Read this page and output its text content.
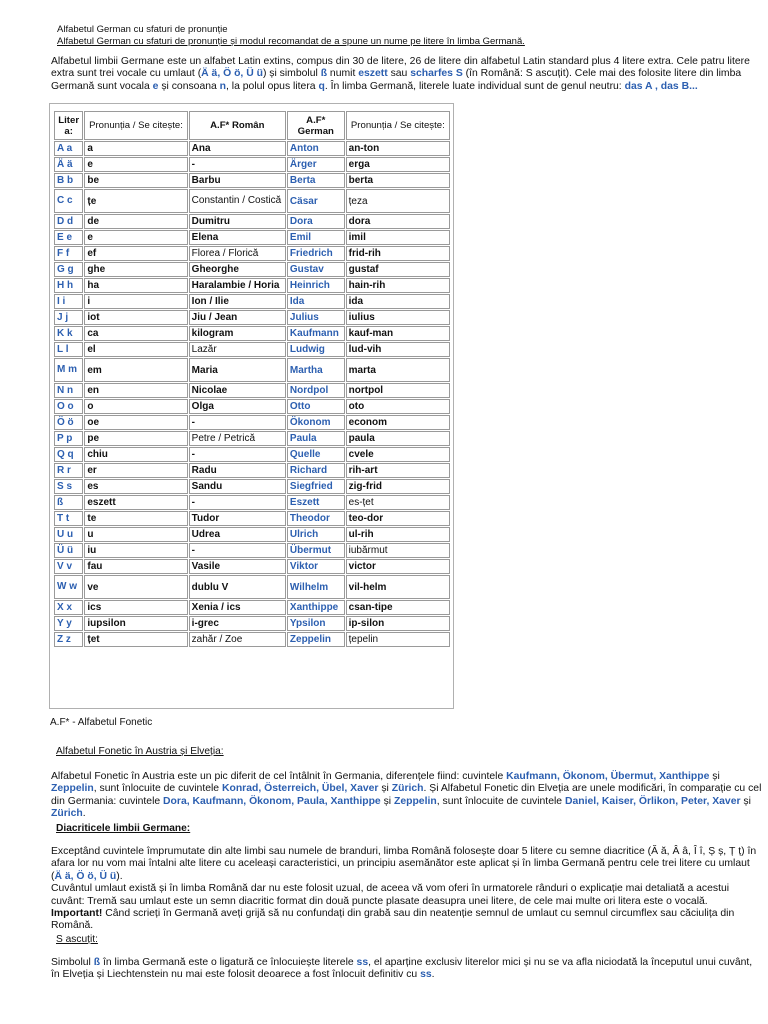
Alfabetul German cu sfaturi de pronunție
Alfabetul German cu sfaturi de pronunție și modul recomandat de a spune un nume pe litere în limba Germană.
Alfabetul limbii Germane este un alfabet Latin extins, compus din 30 de litere, 26 de litere din alfabetul Latin standard plus 4 litere extra. Cele patru litere extra sunt trei vocale cu umlaut (Ä ä, Ö ö, Ü ü) și simbolul ß numit eszett sau scharfes S (în Română: S ascuțit). Cele mai des folosite litere din limba Germană sunt vocala e și consoana n, la polul opus litera q. În limba Germană, literele luate individual sunt de genul neutru: das A , das B...
Liter a:	Pronunția / Se citește:	A.F* Român	A.F* German	Pronunția / Se citește:
A a	a	Ana	Anton	an-ton
Ä ä	e	-	Ärger	erga
B b	be	Barbu	Berta	berta
C c	țe	Constantin / Costică	Cäsar	țeza
D d	de	Dumitru	Dora	dora
E e	e	Elena	Emil	imil
F f	ef	Florea / Florică	Friedrich	frid-rih
G g	ghe	Gheorghe	Gustav	gustaf
H h	ha	Haralambie / Horia	Heinrich	hain-rih
I i	i	Ion / Ilie	Ida	ida
J j	iot	Jiu / Jean	Julius	iulius
K k	ca	kilogram	Kaufmann	kauf-man
L l	el	Lazăr	Ludwig	lud-vih
M m	em	Maria	Martha	marta
N n	en	Nicolae	Nordpol	nortpol
O o	o	Olga	Otto	oto
Ö ö	oe	-	Ökonom	econom
P p	pe	Petre / Petrică	Paula	paula
Q q	chiu	-	Quelle	cvele
R r	er	Radu	Richard	rih-art
S s	es	Sandu	Siegfried	zig-frid
ß	eszett	-	Eszett	es-țet
T t	te	Tudor	Theodor	teo-dor
U u	u	Udrea	Ulrich	ul-rih
Ü ü	iu	-	Übermut	iubărmut
V v	fau	Vasile	Viktor	victor
W w	ve	dublu V	Wilhelm	vil-helm
X x	ics	Xenia / ics	Xanthippe	csan-tipe
Y y	iupsilon	i-grec	Ypsilon	ip-silon
Z z	țet	zahăr / Zoe	Zeppelin	țepelin
A.F* - Alfabetul Fonetic
Alfabetul Fonetic în Austria și Elveția:
Alfabetul Fonetic în Austria este un pic diferit de cel întâlnit în Germania, diferențele fiind: cuvintele Kaufmann, Ökonom, Übermut, Xanthippe și Zeppelin, sunt înlocuite de cuvintele Konrad, Österreich, Übel, Xaver și Zürich. Și Alfabetul Fonetic din Elveția are unele modificări, în comparație cu cel din Germania: cuvintele Dora, Kaufmann, Ökonom, Paula, Xanthippe și Zeppelin, sunt înlocuite de cuvintele Daniel, Kaiser, Örlikon, Peter, Xaver și Zürich.
Diacriticele limbii Germane:
Exceptând cuvintele împrumutate din alte limbi sau numele de branduri, limba Română folosește doar 5 litere cu semne diacritice (Ă ă, Â â, Î î, Ș ș, Ț ț) în afara lor nu vom mai întalni alte litere cu aceleași caracteristici, un principiu asemănător este aplicat și în limba Germană pentru cele trei litere cu umlaut (Ä ä, Ö ö, Ü ü).
Cuvântul umlaut există și în limba Română dar nu este folosit uzual, de aceea vă vom oferi în urmatorele rânduri o explicație mai detaliată a acestui cuvânt: Tremă sau umlaut este un semn diacritic format din două puncte plasate deasupra unei litere, de cele mai multe ori litera este o vocală.
Important! Când scrieți în Germană aveți grijă să nu confundați din grabă sau din neatenție semnul de umlaut cu semnul circumflex sau căciulița din Română.
S ascuțit:
Simbolul ß în limba Germană este o ligatură ce înlocuiește literele ss, el aparține exclusiv literelor mici și nu se va afla niciodată la începutul unui cuvânt, în Elveția și Liechtenstein nu mai este folosit deoarece a fost înlocuit definitiv cu ss.
